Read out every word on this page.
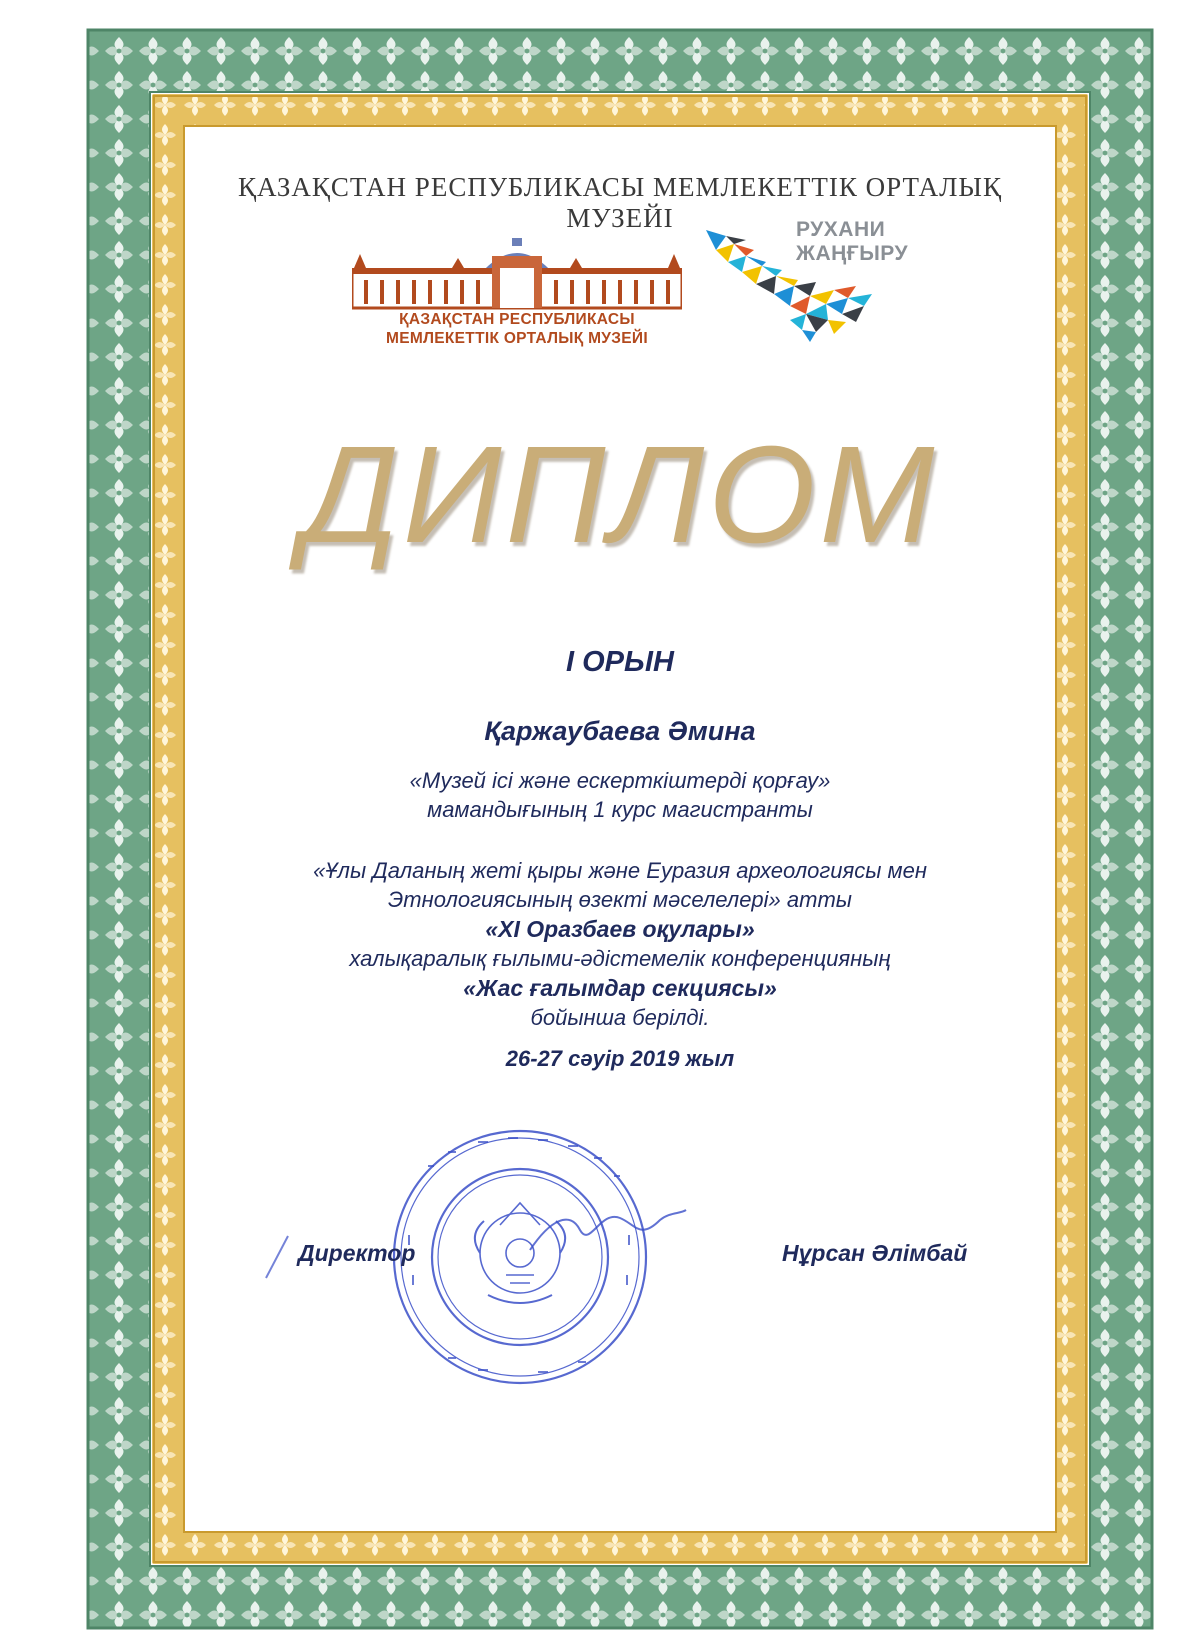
ҚАЗАҚСТАН РЕСПУБЛИКАСЫ МЕМЛЕКЕТТІК ОРТАЛЫҚ МУЗЕЙІ
ҚАЗАҚСТАН РЕСПУБЛИКАСЫ
МЕМЛЕКЕТТІК ОРТАЛЫҚ МУЗЕЙІ
РУХАНИ
ЖАҢҒЫРУ
ДИПЛОМ
I ОРЫН
Қаржаубаева Әмина
«Музей ісі және ескерткіштерді қорғау»
мамандығының 1 курс магистранты
«Ұлы Даланың жеті қыры және Еуразия археологиясы мен
Этнологиясының өзекті мәселелері» атты
«XI Оразбаев оқулары»
халықаралық ғылыми-әдістемелік конференцияның
«Жас ғалымдар секциясы»
бойынша берілді.
26-27 сәуір 2019 жыл
Директор	Нұрсан Әлімбай
